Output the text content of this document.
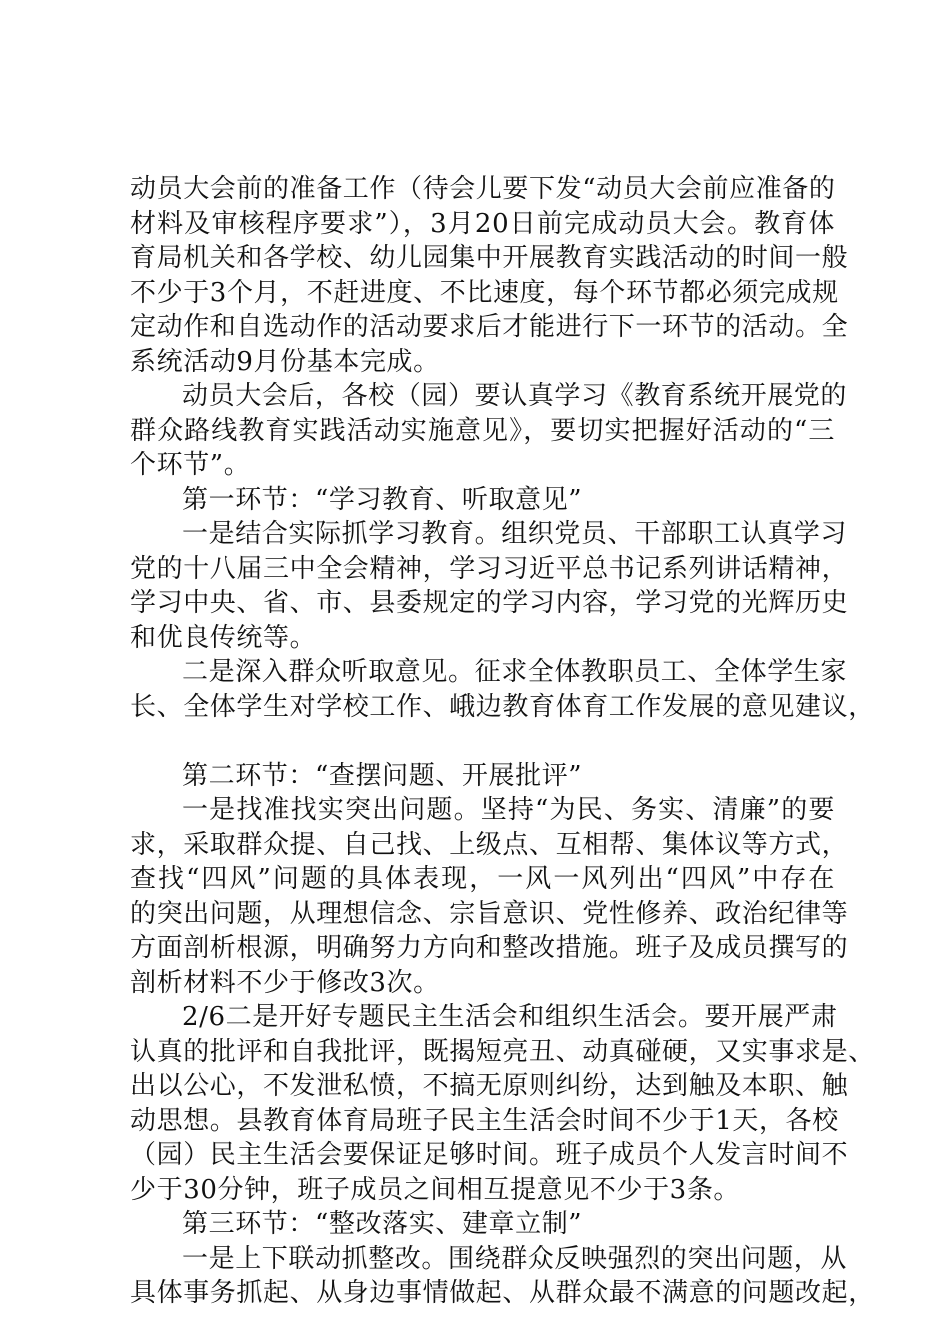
动员大会前的准备工作（待会儿要下发“动员大会前应准备的
材料及审核程序要求”），3月20日前完成动员大会。教育体
育局机关和各学校、幼儿园集中开展教育实践活动的时间一般
不少于3个月，不赶进度、不比速度，每个环节都必须完成规
定动作和自选动作的活动要求后才能进行下一环节的活动。全
系统活动9月份基本完成。
动员大会后，各校（园）要认真学习《教育系统开展党的
群众路线教育实践活动实施意见》，要切实把握好活动的“三
个环节”。
第一环节：“学习教育、听取意见”
一是结合实际抓学习教育。组织党员、干部职工认真学习
党的十八届三中全会精神，学习习近平总书记系列讲话精神，
学习中央、省、市、县委规定的学习内容，学习党的光辉历史
和优良传统等。
二是深入群众听取意见。征求全体教职员工、全体学生家
长、全体学生对学校工作、峨边教育体育工作发展的意见建议，
第二环节：“查摆问题、开展批评”
一是找准找实突出问题。坚持“为民、务实、清廉”的要
求，采取群众提、自己找、上级点、互相帮、集体议等方式，
查找“四风”问题的具体表现，一风一风列出“四风”中存在
的突出问题，从理想信念、宗旨意识、党性修养、政治纪律等
方面剖析根源，明确努力方向和整改措施。班子及成员撰写的
剖析材料不少于修改3次。
2/6二是开好专题民主生活会和组织生活会。要开展严肃
认真的批评和自我批评，既揭短亮丑、动真碰硬，又实事求是、
出以公心，不发泄私愤，不搞无原则纠纷，达到触及本职、触
动思想。县教育体育局班子民主生活会时间不少于1天，各校
（园）民主生活会要保证足够时间。班子成员个人发言时间不
少于30分钟，班子成员之间相互提意见不少于3条。
第三环节：“整改落实、建章立制”
一是上下联动抓整改。围绕群众反映强烈的突出问题，从
具体事务抓起、从身边事情做起、从群众最不满意的问题改起，
